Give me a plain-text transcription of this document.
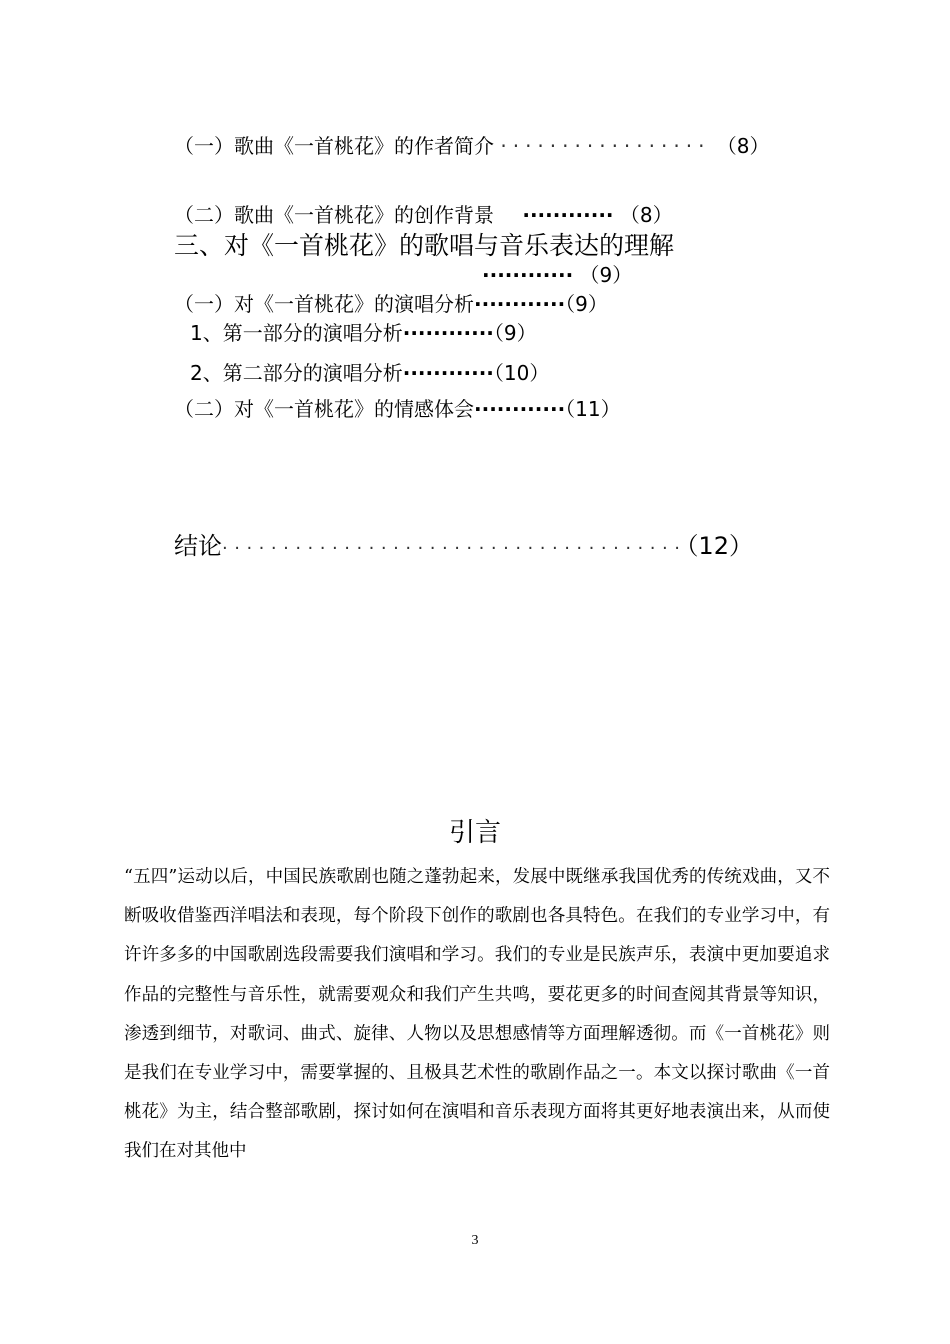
（一）歌曲《一首桃花》的作者简介 ················· （8）
（二）歌曲《一首桃花》的创作背景 ············ （8）
三、对《一首桃花》的歌唱与音乐表达的理解
············ （9）
（一）对《一首桃花》的演唱分析············（9）
1、第一部分的演唱分析············（9）
2、第二部分的演唱分析············（10）
（二）对《一首桃花》的情感体会············（11）
结论······································（12）
引言

“五四”运动以后，中国民族歌剧也随之蓬勃起来，发展中既继承我国优秀的传统戏曲，又不断吸收借鉴西洋唱法和表现，每个阶段下创作的歌剧也各具特色。在我们的专业学习中，有许许多多的中国歌剧选段需要我们演唱和学习。我们的专业是民族声乐，表演中更加要追求作品的完整性与音乐性，就需要观众和我们产生共鸣，要花更多的时间查阅其背景等知识，渗透到细节，对歌词、曲式、旋律、人物以及思想感情等方面理解透彻。而《一首桃花》则是我们在专业学习中，需要掌握的、且极具艺术性的歌剧作品之一。本文以探讨歌曲《一首桃花》为主，结合整部歌剧，探讨如何在演唱和音乐表现方面将其更好地表演出来，从而使我们在对其他中

3
